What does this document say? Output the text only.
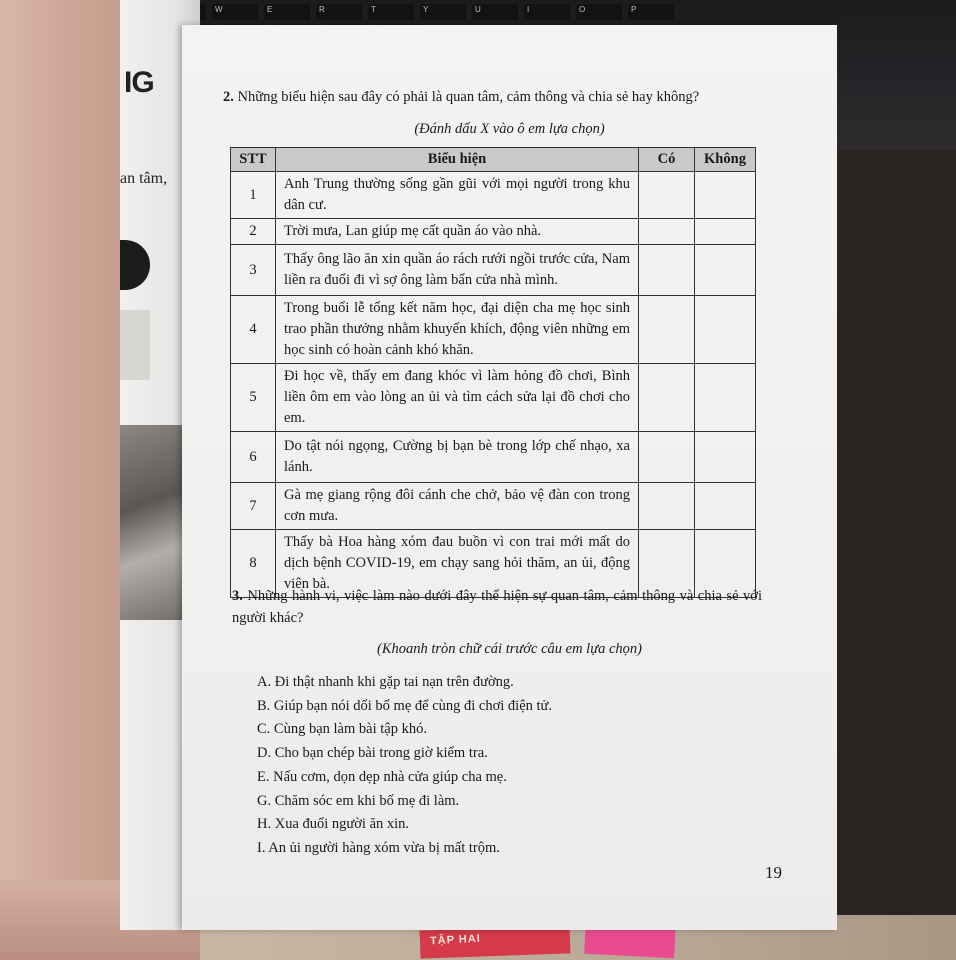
W	E	R	T	Y	U	I	O	P
TẬP HAI
IG
an tâm,
2. Những biểu hiện sau đây có phải là quan tâm, cảm thông và chia sẻ hay không?
(Đánh dấu X vào ô em lựa chọn)
STT	Biểu hiện	Có	Không
1	Anh Trung thường sống gần gũi với mọi người trong khu dân cư.		
2	Trời mưa, Lan giúp mẹ cất quần áo vào nhà.		
3	Thấy ông lão ăn xin quần áo rách rưới ngồi trước cửa, Nam liền ra đuổi đi vì sợ ông làm bẩn cửa nhà mình.		
4	Trong buổi lễ tổng kết năm học, đại diện cha mẹ học sinh trao phần thưởng nhằm khuyến khích, động viên những em học sinh có hoàn cảnh khó khăn.		
5	Đi học về, thấy em đang khóc vì làm hỏng đồ chơi, Bình liền ôm em vào lòng an ủi và tìm cách sửa lại đồ chơi cho em.		
6	Do tật nói ngọng, Cường bị bạn bè trong lớp chế nhạo, xa lánh.		
7	Gà mẹ giang rộng đôi cánh che chở, bảo vệ đàn con trong cơn mưa.		
8	Thấy bà Hoa hàng xóm đau buồn vì con trai mới mất do dịch bệnh COVID-19, em chạy sang hỏi thăm, an ủi, động viên bà.		
3. Những hành vi, việc làm nào dưới đây thể hiện sự quan tâm, cảm thông và chia sẻ với người khác?
(Khoanh tròn chữ cái trước câu em lựa chọn)
A. Đi thật nhanh khi gặp tai nạn trên đường.
B. Giúp bạn nói dối bố mẹ để cùng đi chơi điện tử.
C. Cùng bạn làm bài tập khó.
D. Cho bạn chép bài trong giờ kiểm tra.
E. Nấu cơm, dọn dẹp nhà cửa giúp cha mẹ.
G. Chăm sóc em khi bố mẹ đi làm.
H. Xua đuổi người ăn xin.
I. An ủi người hàng xóm vừa bị mất trộm.
19
